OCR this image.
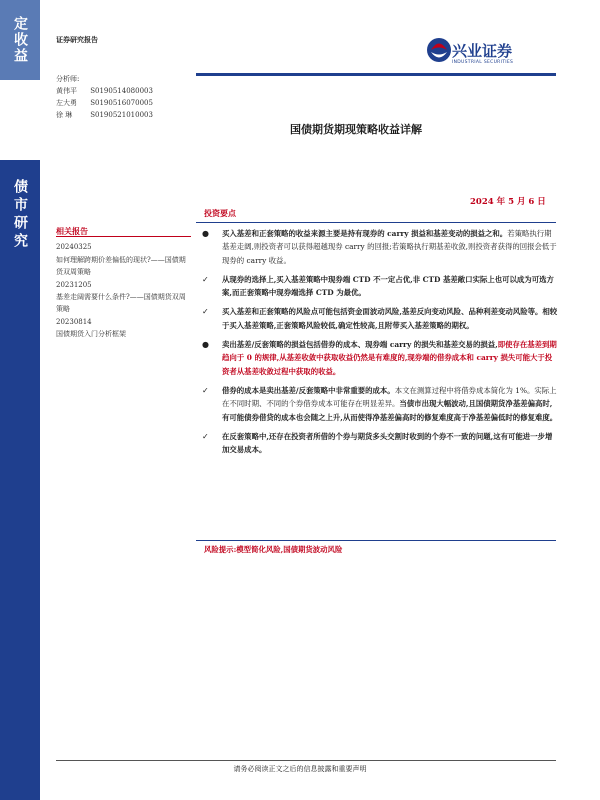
定收益
债市研究
证券研究报告
兴业证券
INDUSTRIAL SECURITIES
分析师:
黄伟平 S0190514080003
左大勇 S0190516070005
徐 琳	S0190521010003
国债期货期现策略收益详解
2024 年 5 月 6 日
投资要点
相关报告
20240325
如何理解跨期价差偏低的现状?——国债期货双周策略
20231205
基差走阔需要什么条件?——国债期货双周策略
20230814
国债期货入门分析框架
● 买入基差和正套策略的收益来源主要是持有现券的 carry 损益和基差变动的损益之和。若策略执行期基差走阔,则投资者可以获得超越现券 carry 的回报;若策略执行期基差收敛,则投资者获得的回报会低于现券的 carry 收益。
✓ 从现券的选择上,买入基差策略中现券端 CTD 不一定占优,非 CTD 基差敞口实际上也可以成为可选方案,而正套策略中现券端选择 CTD 为最优。
✓ 买入基差和正套策略的风险点可能包括资金面波动风险,基差反向变动风险、品种利差变动风险等。相较于买入基差策略,正套策略风险较低,确定性较高,且附带买入基差策略的期权。
● 卖出基差/反套策略的损益包括借券的成本、现券端 carry 的损失和基差交易的损益,即使存在基差到期趋向于 0 的规律,从基差收敛中获取收益仍然是有难度的,现券端的借券成本和 carry 损失可能大于投资者从基差收敛过程中获取的收益。
✓ 借券的成本是卖出基差/反套策略中非常重要的成本。本文在测算过程中将借券成本简化为 1%。实际上在不同时期、不同的个券借券成本可能存在明显差异。当债市出现大幅波动,且国债期货净基差偏高时,有可能债券借贷的成本也会随之上升,从而使得净基差偏高时的修复难度高于净基差偏低时的修复难度。
✓ 在反套策略中,还存在投资者所借的个券与期货多头交割时收到的个券不一致的问题,这有可能进一步增加交易成本。
风险提示:模型简化风险,国债期货波动风险
请务必阅读正文之后的信息披露和重要声明
